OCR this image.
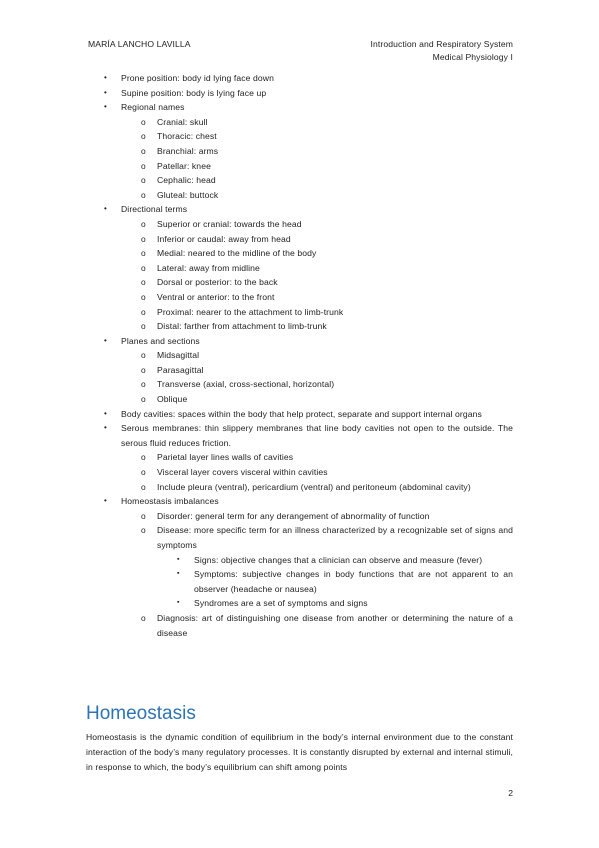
MARÍA LANCHO LAVILLA	Introduction and Respiratory System
Medical Physiology I
• Prone position: body id lying face down
• Supine position: body is lying face up
• Regional names
o Cranial: skull
o Thoracic: chest
o Branchial: arms
o Patellar: knee
o Cephalic: head
o Gluteal: buttock
• Directional terms
o Superior or cranial: towards the head
o Inferior or caudal: away from head
o Medial: neared to the midline of the body
o Lateral: away from midline
o Dorsal or posterior: to the back
o Ventral or anterior: to the front
o Proximal: nearer to the attachment to limb-trunk
o Distal: farther from attachment to limb-trunk
• Planes and sections
o Midsagittal
o Parasagittal
o Transverse (axial, cross-sectional, horizontal)
o Oblique
• Body cavities: spaces within the body that help protect, separate and support internal organs
• Serous membranes: thin slippery membranes that line body cavities not open to the outside. The serous fluid reduces friction.
o Parietal layer lines walls of cavities
o Visceral layer covers visceral within cavities
o Include pleura (ventral), pericardium (ventral) and peritoneum (abdominal cavity)
• Homeostasis imbalances
o Disorder: general term for any derangement of abnormality of function
o Disease: more specific term for an illness characterized by a recognizable set of signs and symptoms
▪ Signs: objective changes that a clinician can observe and measure (fever)
▪ Symptoms: subjective changes in body functions that are not apparent to an observer (headache or nausea)
▪ Syndromes are a set of symptoms and signs
o Diagnosis: art of distinguishing one disease from another or determining the nature of a disease
Homeostasis
Homeostasis is the dynamic condition of equilibrium in the body’s internal environment due to the constant interaction of the body’s many regulatory processes. It is constantly disrupted by external and internal stimuli, in response to which, the body’s equilibrium can shift among points
2
